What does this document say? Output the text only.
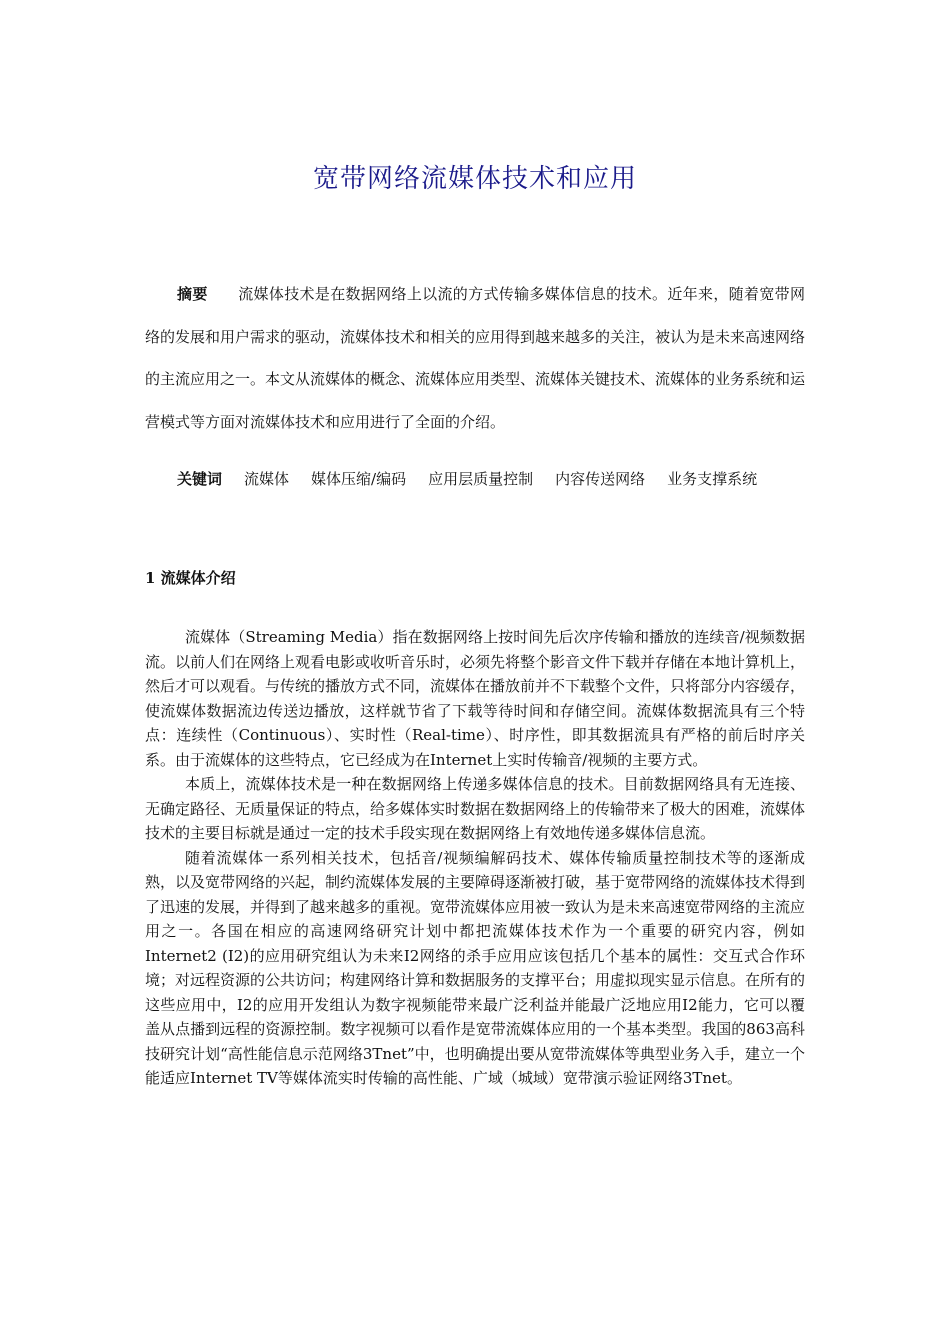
宽带网络流媒体技术和应用

摘要 流媒体技术是在数据网络上以流的方式传输多媒体信息的技术。近年来，随着宽带网络的发展和用户需求的驱动，流媒体技术和相关的应用得到越来越多的关注，被认为是未来高速网络的主流应用之一。本文从流媒体的概念、流媒体应用类型、流媒体关键技术、流媒体的业务系统和运营模式等方面对流媒体技术和应用进行了全面的介绍。

关键词 流媒体 媒体压缩/编码 应用层质量控制 内容传送网络 业务支撑系统

1 流媒体介绍

流媒体（Streaming Media）指在数据网络上按时间先后次序传输和播放的连续音/视频数据流。以前人们在网络上观看电影或收听音乐时，必须先将整个影音文件下载并存储在本地计算机上，然后才可以观看。与传统的播放方式不同，流媒体在播放前并不下载整个文件，只将部分内容缓存，使流媒体数据流边传送边播放，这样就节省了下载等待时间和存储空间。流媒体数据流具有三个特点：连续性（Continuous）、实时性（Real-time）、时序性，即其数据流具有严格的前后时序关系。由于流媒体的这些特点，它已经成为在Internet上实时传输音/视频的主要方式。

本质上，流媒体技术是一种在数据网络上传递多媒体信息的技术。目前数据网络具有无连接、无确定路径、无质量保证的特点，给多媒体实时数据在数据网络上的传输带来了极大的困难，流媒体技术的主要目标就是通过一定的技术手段实现在数据网络上有效地传递多媒体信息流。

随着流媒体一系列相关技术，包括音/视频编解码技术、媒体传输质量控制技术等的逐渐成熟，以及宽带网络的兴起，制约流媒体发展的主要障碍逐渐被打破，基于宽带网络的流媒体技术得到了迅速的发展，并得到了越来越多的重视。宽带流媒体应用被一致认为是未来高速宽带网络的主流应用之一。各国在相应的高速网络研究计划中都把流媒体技术作为一个重要的研究内容，例如Internet2 (I2)的应用研究组认为未来I2网络的杀手应用应该包括几个基本的属性：交互式合作环境；对远程资源的公共访问；构建网络计算和数据服务的支撑平台；用虚拟现实显示信息。在所有的这些应用中，I2的应用开发组认为数字视频能带来最广泛利益并能最广泛地应用I2能力，它可以覆盖从点播到远程的资源控制。数字视频可以看作是宽带流媒体应用的一个基本类型。我国的863高科技研究计划“高性能信息示范网络3Tnet”中，也明确提出要从宽带流媒体等典型业务入手，建立一个能适应Internet TV等媒体流实时传输的高性能、广域（城域）宽带演示验证网络3Tnet。
